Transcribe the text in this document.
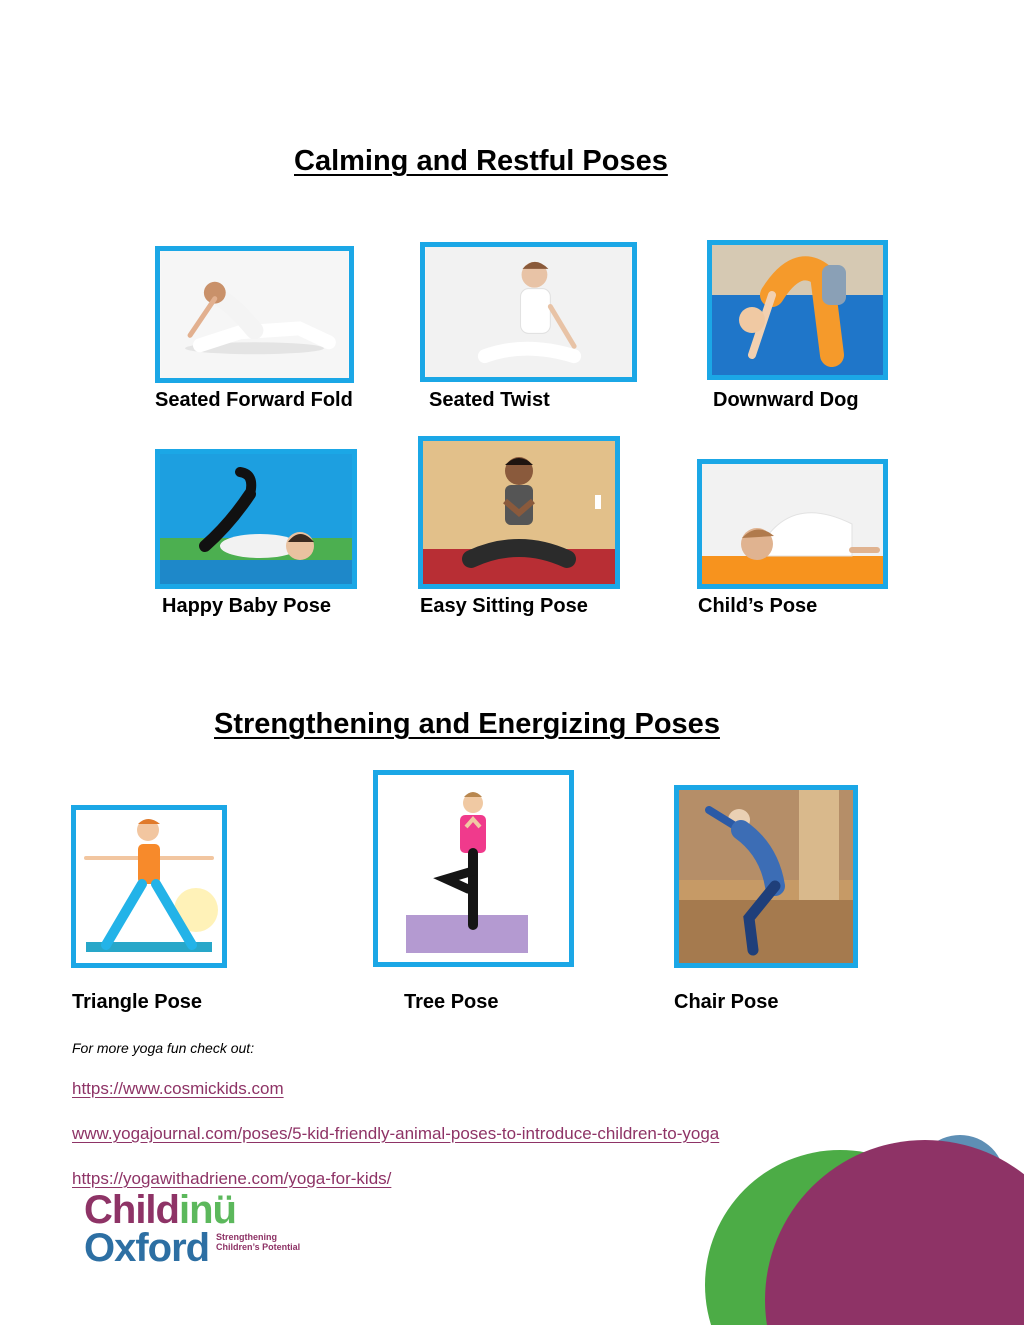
Calming and Restful Poses
Seated Forward Fold	Seated Twist	Downward Dog
Happy Baby Pose	Easy Sitting Pose	Child’s Pose
Strengthening and Energizing Poses
Triangle Pose	Tree Pose	Chair Pose
For more yoga fun check out:
https://www.cosmickids.com
www.yogajournal.com/poses/5-kid-friendly-animal-poses-to-introduce-children-to-yoga
https://yogawithadriene.com/yoga-for-kids/
Childinü
Oxford Strengthening Children’s Potential
